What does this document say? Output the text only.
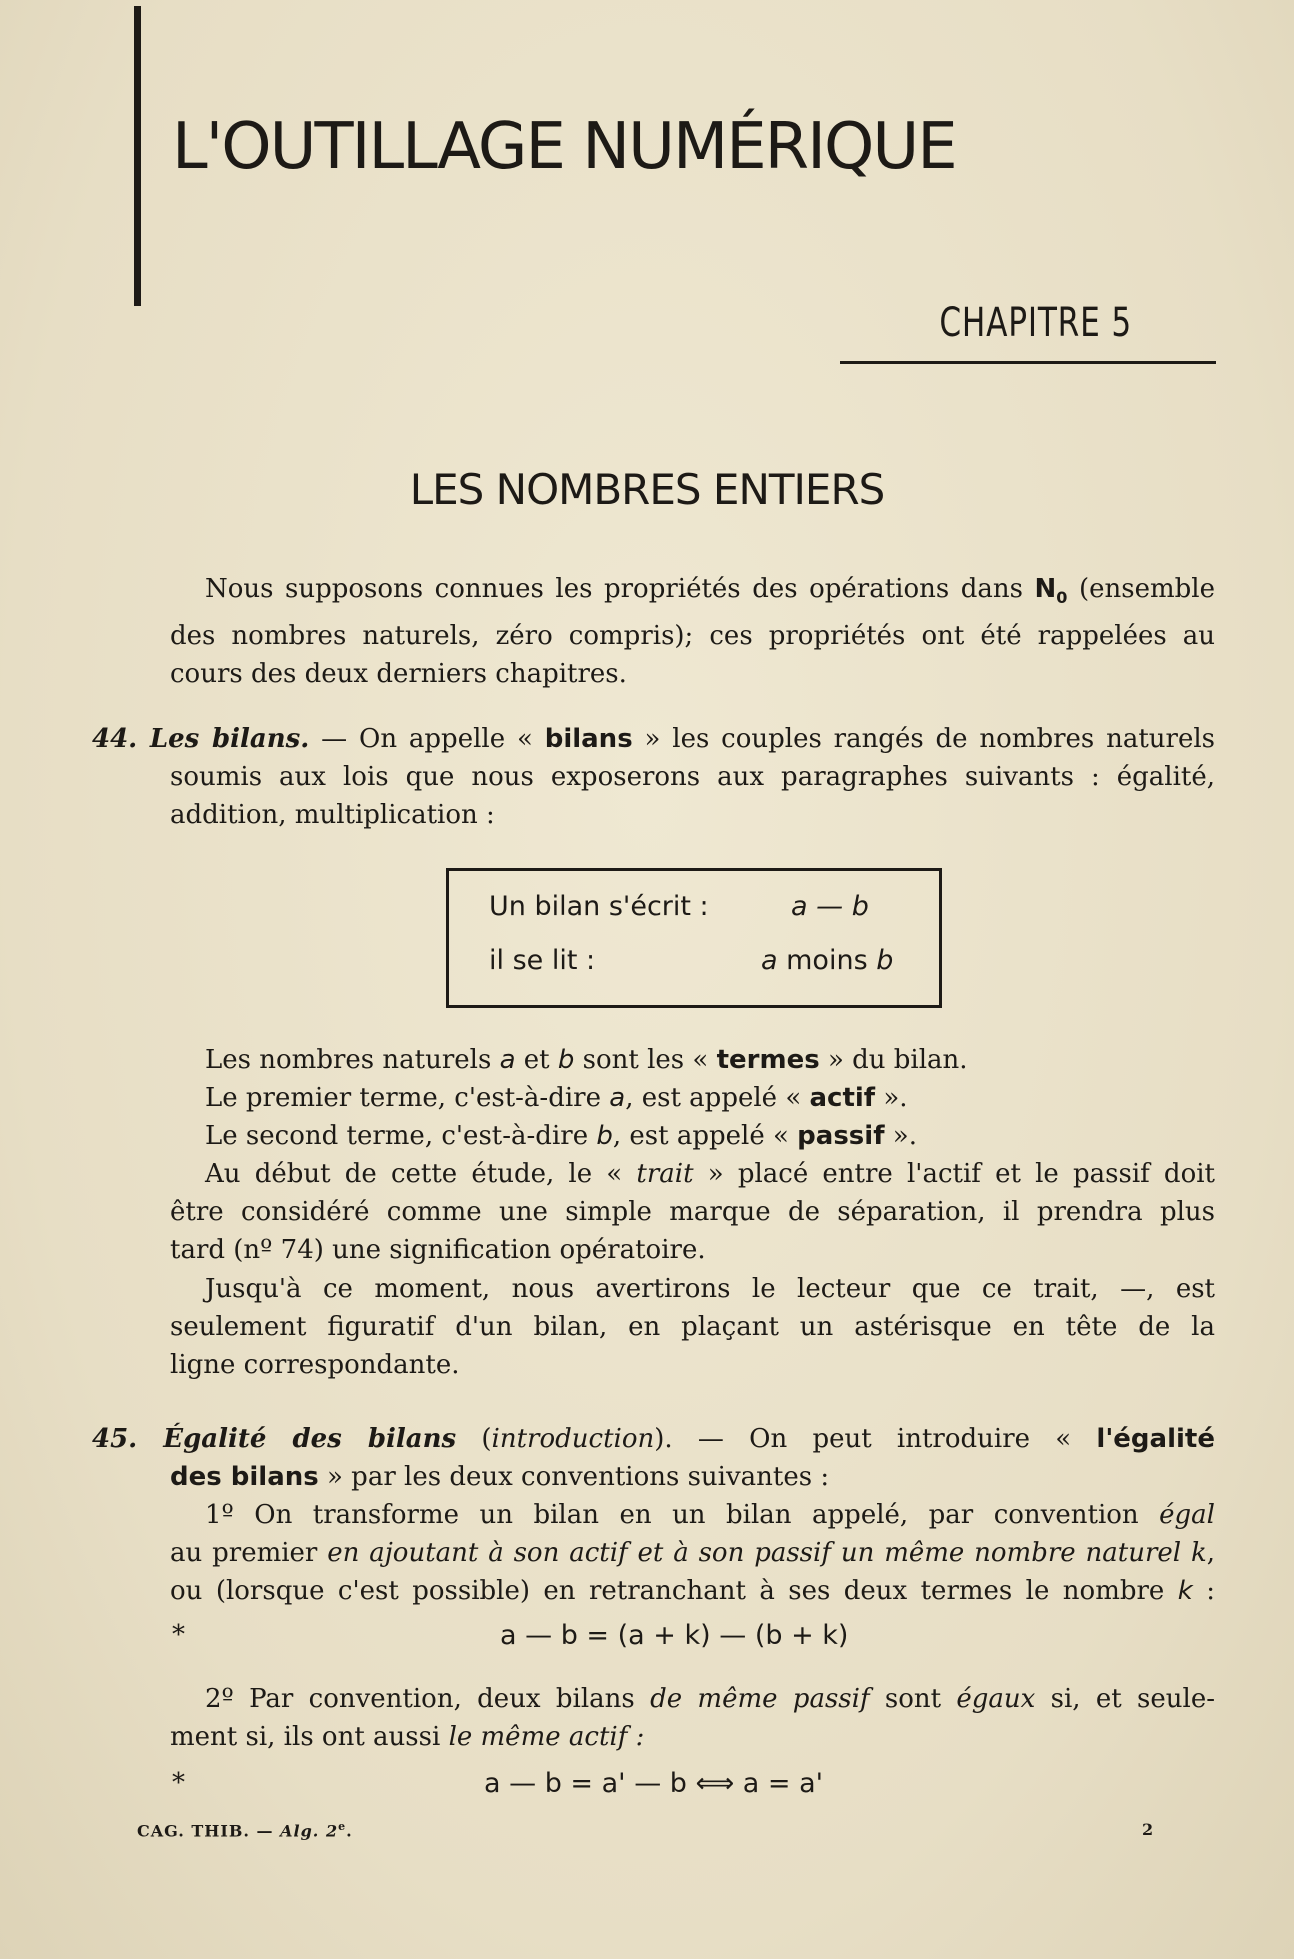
L'OUTILLAGE NUMÉRIQUE
CHAPITRE 5
LES NOMBRES ENTIERS
Nous supposons connues les propriétés des opérations dans $N_0$ (ensemble
des nombres naturels, zéro compris); ces propriétés ont été rappelées au
cours des deux derniers chapitres.
44. Les bilans. — On appelle « bilans » les couples rangés de nombres naturels
soumis aux lois que nous exposerons aux paragraphes suivants : égalité,
addition, multiplication :
Un bilan s'écrit :	a — b
il se lit :	a moins b
Les nombres naturels a et b sont les « termes » du bilan.
Le premier terme, c'est-à-dire a, est appelé « actif ».
Le second terme, c'est-à-dire b, est appelé « passif ».
Au début de cette étude, le « trait » placé entre l'actif et le passif doit
être considéré comme une simple marque de séparation, il prendra plus
tard (nº 74) une signification opératoire.
Jusqu'à ce moment, nous avertirons le lecteur que ce trait, —, est
seulement figuratif d'un bilan, en plaçant un astérisque en tête de la
ligne correspondante.
45. Égalité des bilans (introduction). — On peut introduire « l'égalité
des bilans » par les deux conventions suivantes :
1º On transforme un bilan en un bilan appelé, par convention égal
au premier en ajoutant à son actif et à son passif un même nombre naturel k,
ou (lorsque c'est possible) en retranchant à ses deux termes le nombre k :
*	a — b = (a + k) — (b + k)
2º Par convention, deux bilans de même passif sont égaux si, et seule-
ment si, ils ont aussi le même actif :
*	a — b = a' — b ⟺ a = a'
CAG. THIB. — Alg. 2e.	2
